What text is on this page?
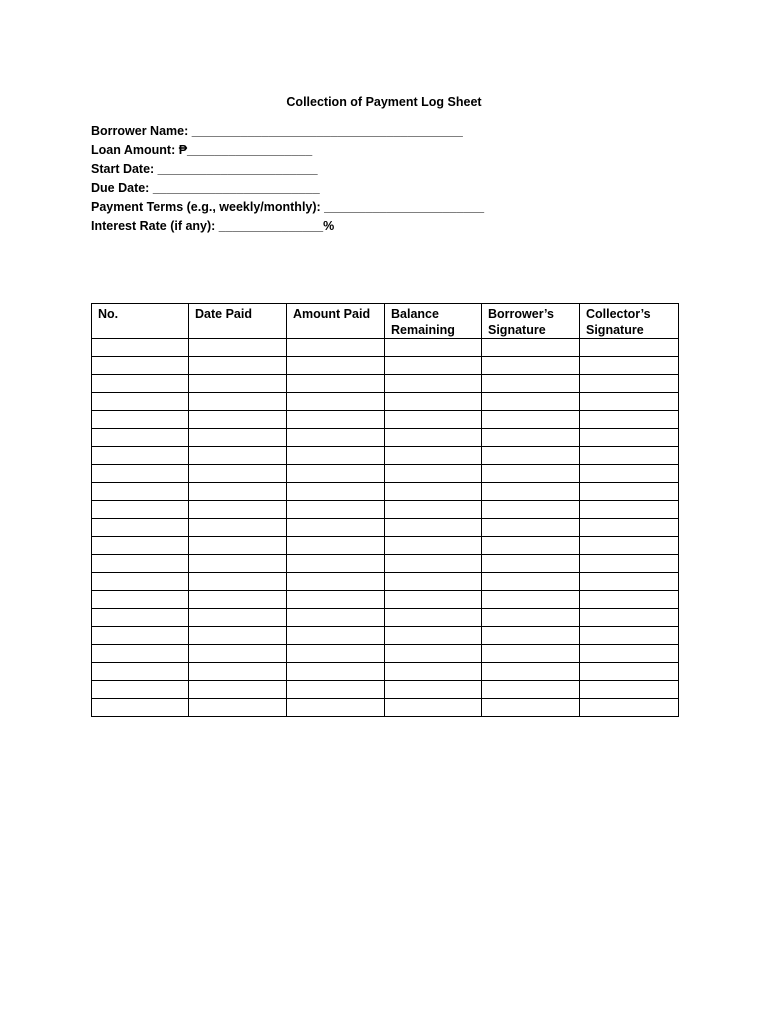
Collection of Payment Log Sheet
Borrower Name: _______________________________________
Loan Amount: ₱__________________
Start Date: _______________________
Due Date: ________________________
Payment Terms (e.g., weekly/monthly): _______________________
Interest Rate (if any): _______________%
No.	Date Paid	Amount Paid	Balance Remaining	Borrower’s Signature	Collector’s Signature
